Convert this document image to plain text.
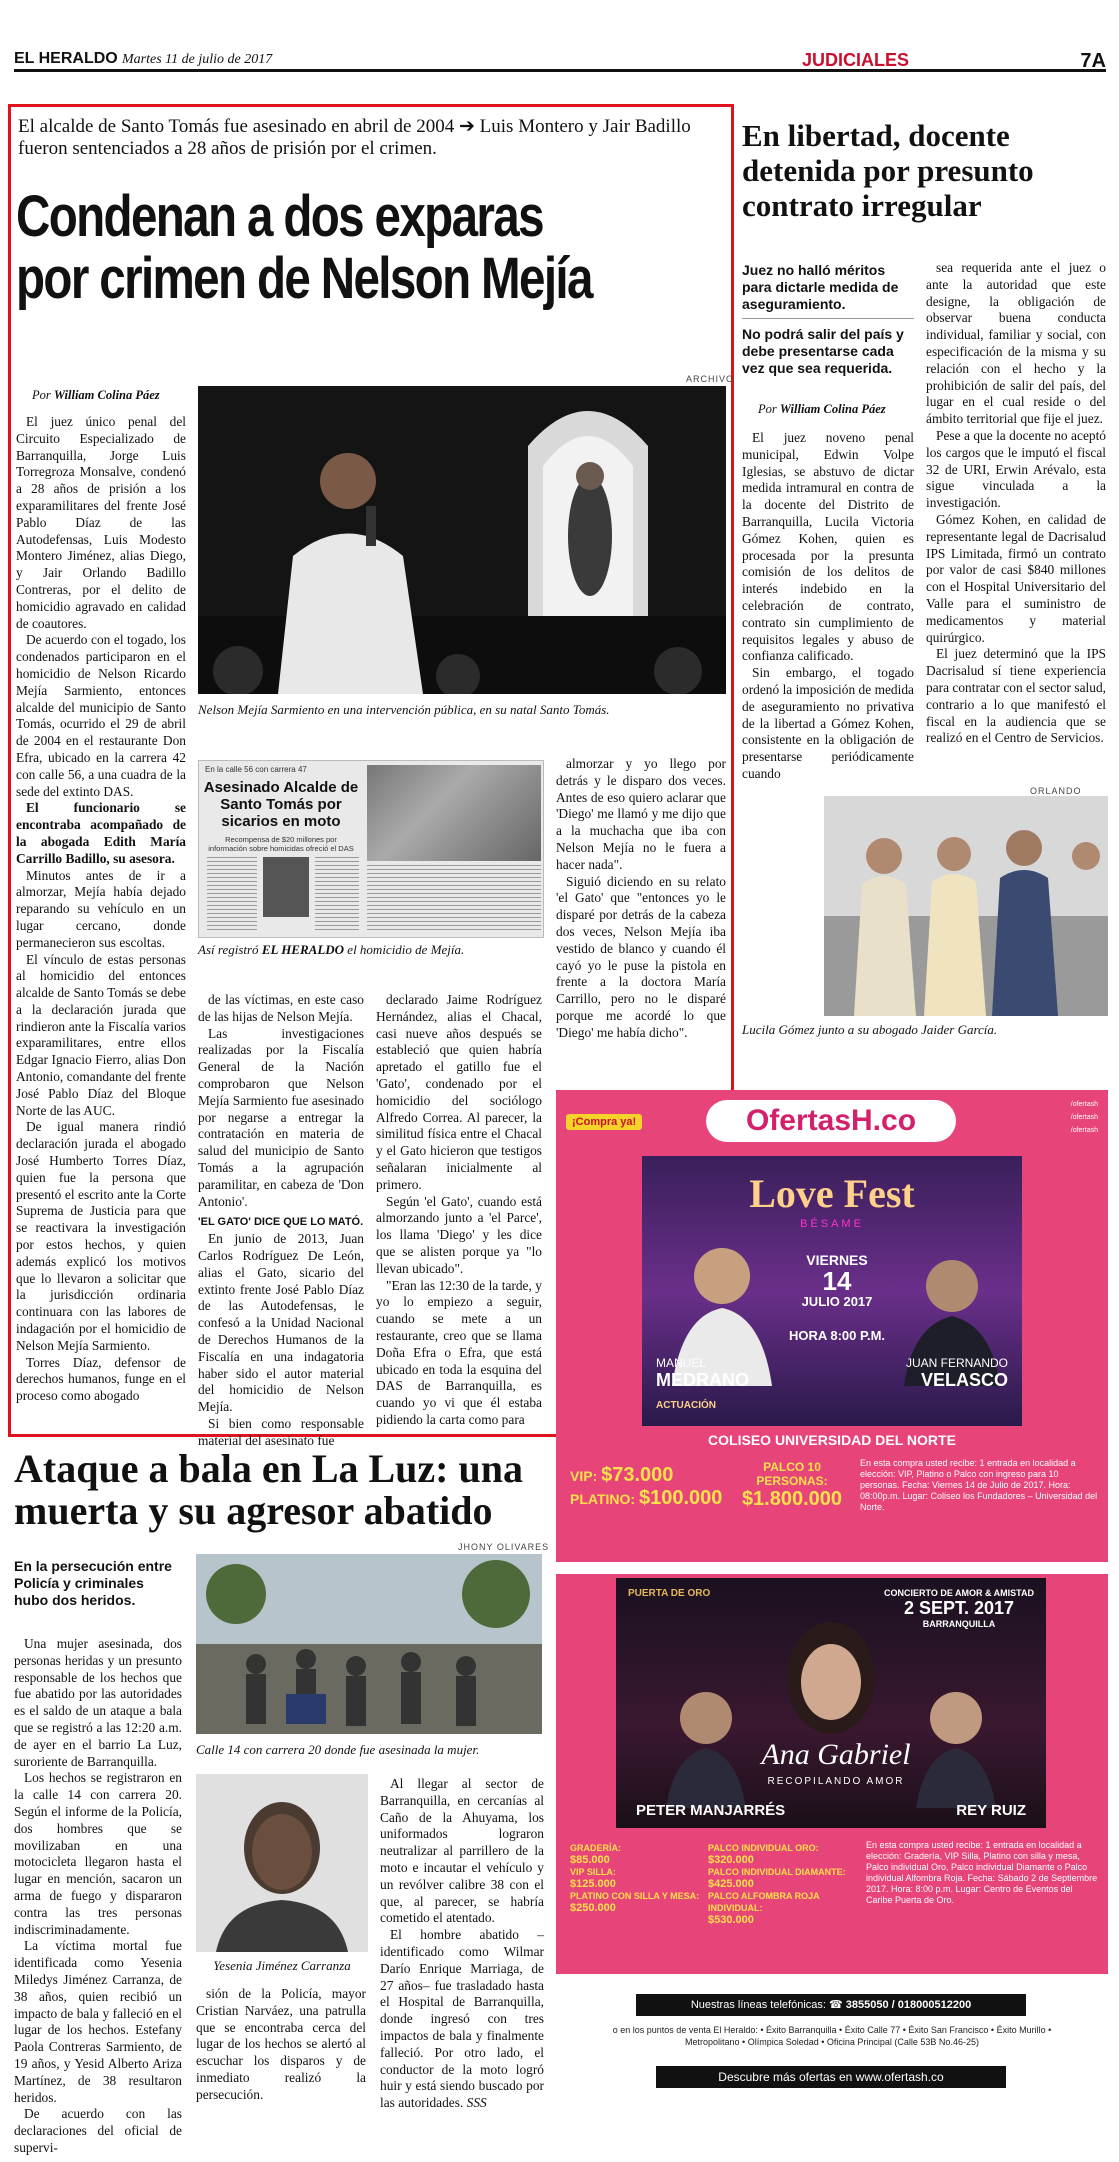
EL HERALDO Martes 11 de julio de 2017	JUDICIALES	7A
El alcalde de Santo Tomás fue asesinado en abril de 2004 ➔ Luis Montero y Jair Badillo fueron sentenciados a 28 años de prisión por el crimen.
Condenan a dos exparas
por crimen de Nelson Mejía
ARCHIVO
Nelson Mejía Sarmiento en una intervención pública, en su natal Santo Tomás.
Por William Colina Páez

El juez único penal del Circuito Especializado de Barranquilla, Jorge Luis Torregroza Monsalve, condenó a 28 años de prisión a los exparamilitares del frente José Pablo Díaz de las Autodefensas, Luis Modesto Montero Jiménez, alias Diego, y Jair Orlando Badillo Contreras, por el delito de homicidio agravado en calidad de coautores.

De acuerdo con el togado, los condenados participaron en el homicidio de Nelson Ricardo Mejía Sarmiento, entonces alcalde del municipio de Santo Tomás, ocurrido el 29 de abril de 2004 en el restaurante Don Efra, ubicado en la carrera 42 con calle 56, a una cuadra de la sede del extinto DAS.

El funcionario se encontraba acompañado de la abogada Edith María Carrillo Badillo, su asesora.

Minutos antes de ir a almorzar, Mejía había dejado reparando su vehículo en un lugar cercano, donde permanecieron sus escoltas.

El vínculo de estas personas al homicidio del entonces alcalde de Santo Tomás se debe a la declaración jurada que rindieron ante la Fiscalía varios exparamilitares, entre ellos Edgar Ignacio Fierro, alias Don Antonio, comandante del frente José Pablo Díaz del Bloque Norte de las AUC.

De igual manera rindió declaración jurada el abogado José Humberto Torres Díaz, quien fue la persona que presentó el escrito ante la Corte Suprema de Justicia para que se reactivara la investigación por estos hechos, y quien además explicó los motivos que lo llevaron a solicitar que la jurisdicción ordinaria continuara con las labores de indagación por el homicidio de Nelson Mejía Sarmiento.

Torres Díaz, defensor de derechos humanos, funge en el proceso como abogado

En la calle 56 con carrera 47
Asesinado Alcalde de Santo Tomás por sicarios en moto
Recompensa de $20 millones por información sobre homicidas ofreció el DAS
Así registró EL HERALDO el homicidio de Mejía.

de las víctimas, en este caso de las hijas de Nelson Mejía.

Las investigaciones realizadas por la Fiscalía General de la Nación comprobaron que Nelson Mejía Sarmiento fue asesinado por negarse a entregar la contratación en materia de salud del municipio de Santo Tomás a la agrupación paramilitar, en cabeza de 'Don Antonio'.

'EL GATO' DICE QUE LO MATÓ.

En junio de 2013, Juan Carlos Rodríguez De León, alias el Gato, sicario del extinto frente José Pablo Díaz de las Autodefensas, le confesó a la Unidad Nacional de Derechos Humanos de la Fiscalía en una indagatoria haber sido el autor material del homicidio de Nelson Mejía.

Si bien como responsable material del asesinato fue

declarado Jaime Rodríguez Hernández, alias el Chacal, casi nueve años después se estableció que quien habría apretado el gatillo fue el 'Gato', condenado por el homicidio del sociólogo Alfredo Correa. Al parecer, la similitud física entre el Chacal y el Gato hicieron que testigos señalaran inicialmente al primero.

Según 'el Gato', cuando está almorzando junto a 'el Parce', los llama 'Diego' y les dice que se alisten porque ya "lo llevan ubicado".

"Eran las 12:30 de la tarde, y yo lo empiezo a seguir, cuando se mete a un restaurante, creo que se llama Doña Efra o Efra, que está ubicado en toda la esquina del DAS de Barranquilla, es cuando yo vi que él estaba pidiendo la carta como para

almorzar y yo llego por detrás y le disparo dos veces. Antes de eso quiero aclarar que 'Diego' me llamó y me dijo que a la muchacha que iba con Nelson Mejía no le fuera a hacer nada".

Siguió diciendo en su relato 'el Gato' que "entonces yo le disparé por detrás de la cabeza dos veces, Nelson Mejía iba vestido de blanco y cuando él cayó yo le puse la pistola en frente a la doctora María Carrillo, pero no le disparé porque me acordé lo que 'Diego' me había dicho".

En libertad, docente detenida por presunto contrato irregular
Juez no halló méritos para dictarle medida de aseguramiento.
No podrá salir del país y debe presentarse cada vez que sea requerida.
Por William Colina Páez

El juez noveno penal municipal, Edwin Volpe Iglesias, se abstuvo de dictar medida intramural en contra de la docente del Distrito de Barranquilla, Lucila Victoria Gómez Kohen, quien es procesada por la presunta comisión de los delitos de interés indebido en la celebración de contrato, contrato sin cumplimiento de requisitos legales y abuso de confianza calificado.

Sin embargo, el togado ordenó la imposición de medida de aseguramiento no privativa de la libertad a Gómez Kohen, consistente en la obligación de presentarse periódicamente cuando

sea requerida ante el juez o ante la autoridad que este designe, la obligación de observar buena conducta individual, familiar y social, con especificación de la misma y su relación con el hecho y la prohibición de salir del país, del lugar en el cual reside o del ámbito territorial que fije el juez.

Pese a que la docente no aceptó los cargos que le imputó el fiscal 32 de URI, Erwin Arévalo, esta sigue vinculada a la investigación.

Gómez Kohen, en calidad de representante legal de Dacrisalud IPS Limitada, firmó un contrato por valor de casi $840 millones con el Hospital Universitario del Valle para el suministro de medicamentos y material quirúrgico.

El juez determinó que la IPS Dacrisalud sí tiene experiencia para contratar con el sector salud, contrario a lo que manifestó el fiscal en la audiencia que se realizó en el Centro de Servicios.

ORLANDO
Lucila Gómez junto a su abogado Jaider García.
Ataque a bala en La Luz: una muerta y su agresor abatido
En la persecución entre Policía y criminales hubo dos heridos.

Una mujer asesinada, dos personas heridas y un presunto responsable de los hechos que fue abatido por las autoridades es el saldo de un ataque a bala que se registró a las 12:20 a.m. de ayer en el barrio La Luz, suroriente de Barranquilla.

Los hechos se registraron en la calle 14 con carrera 20. Según el informe de la Policía, dos hombres que se movilizaban en una motocicleta llegaron hasta el lugar en mención, sacaron un arma de fuego y dispararon contra las tres personas indiscriminadamente.

La víctima mortal fue identificada como Yesenia Miledys Jiménez Carranza, de 38 años, quien recibió un impacto de bala y falleció en el lugar de los hechos. Estefany Paola Contreras Sarmiento, de 19 años, y Yesid Alberto Ariza Martínez, de 38 resultaron heridos.

De acuerdo con las declaraciones del oficial de supervi-

JHONY OLIVARES
Calle 14 con carrera 20 donde fue asesinada la mujer.
Yesenia Jiménez Carranza

sión de la Policía, mayor Cristian Narváez, una patrulla que se encontraba cerca del lugar de los hechos se alertó al escuchar los disparos y de inmediato realizó la persecución.

Al llegar al sector de Barranquilla, en cercanías al Caño de la Ahuyama, los uniformados lograron neutralizar al parrillero de la moto e incautar el vehículo y un revólver calibre 38 con el que, al parecer, se habría cometido el atentado.

El hombre abatido –identificado como Wilmar Darío Enrique Marriaga, de 27 años– fue trasladado hasta el Hospital de Barranquilla, donde ingresó con tres impactos de bala y finalmente falleció. Por otro lado, el conductor de la moto logró huir y está siendo buscado por las autoridades. SSS

¡Compra ya!	OfertasH.co	/ofertash
/ofertash
/ofertash
Love Fest
BÉSAME
VIERNES
14
JULIO 2017
HORA 8:00 P.M.
MANUEL
MEDRANO
JUAN FERNANDO
VELASCO
ACTUACIÓN
COLISEO UNIVERSIDAD DEL NORTE
VIP: $73.000
PLATINO: $100.000
PALCO 10 PERSONAS:
$1.800.000
En esta compra usted recibe: 1 entrada en localidad a elección: VIP, Platino o Palco con ingreso para 10 personas. Fecha: Viernes 14 de Julio de 2017. Hora: 08:00p.m. Lugar: Coliseo los Fundadores – Universidad del Norte.
PUERTA DE ORO	CONCIERTO DE AMOR & AMISTAD
2 SEPT. 2017
BARRANQUILLA
Ana Gabriel
RECOPILANDO AMOR
PETER MANJARRÉS	REY RUIZ
GRADERÍA:
$85.000
PALCO INDIVIDUAL ORO:
$320.000
VIP SILLA:
$125.000
PALCO INDIVIDUAL DIAMANTE:
$425.000
PLATINO CON SILLA Y MESA:
$250.000
PALCO ALFOMBRA ROJA INDIVIDUAL:
$530.000
En esta compra usted recibe: 1 entrada en localidad a elección: Gradería, VIP Silla, Platino con silla y mesa, Palco individual Oro, Palco individual Diamante o Palco individual Alfombra Roja. Fecha: Sábado 2 de Septiembre 2017. Hora: 8:00 p.m. Lugar: Centro de Eventos del Caribe Puerta de Oro.
Nuestras líneas telefónicas: ☎ 3855050 / 018000512200
o en los puntos de venta El Heraldo: • Éxito Barranquilla • Éxito Calle 77 • Éxito San Francisco • Éxito Murillo • Metropolitano • Olímpica Soledad • Oficina Principal (Calle 53B No.46-25)
Descubre más ofertas en www.ofertash.co
